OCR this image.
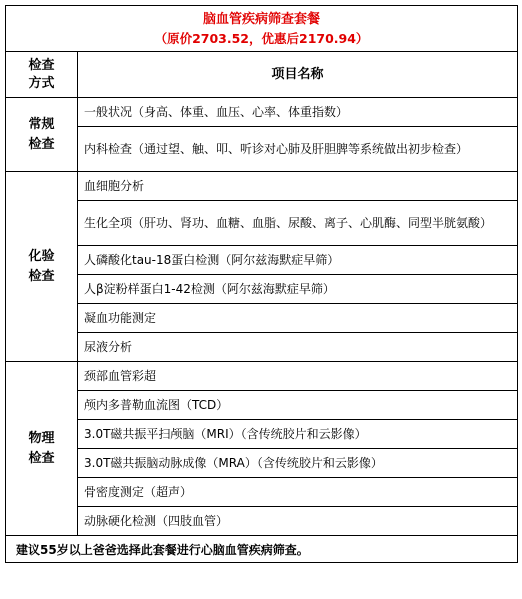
脑血管疾病筛查套餐
（原价2703.52，优惠后2170.94）	

检查
方式	项目名称

常规
检查	一般状况（身高、体重、血压、心率、体重指数）
	内科检查（通过望、触、叩、听诊对心肺及肝胆脾等系统做出初步检查）

化验
检查	血细胞分析
	生化全项（肝功、肾功、血糖、血脂、尿酸、离子、心肌酶、同型半胱氨酸）
	人磷酸化tau-18蛋白检测（阿尔兹海默症早筛）
	人β淀粉样蛋白1-42检测（阿尔兹海默症早筛）
	凝血功能测定
	尿液分析

物理
检查	颈部血管彩超
	颅内多普勒血流图（TCD）
	3.0T磁共振平扫颅脑（MRI）（含传统胶片和云影像）
	3.0T磁共振脑动脉成像（MRA）（含传统胶片和云影像）
	骨密度测定（超声）
	动脉硬化检测（四肢血管）
建议55岁以上爸爸选择此套餐进行心脑血管疾病筛查。	
